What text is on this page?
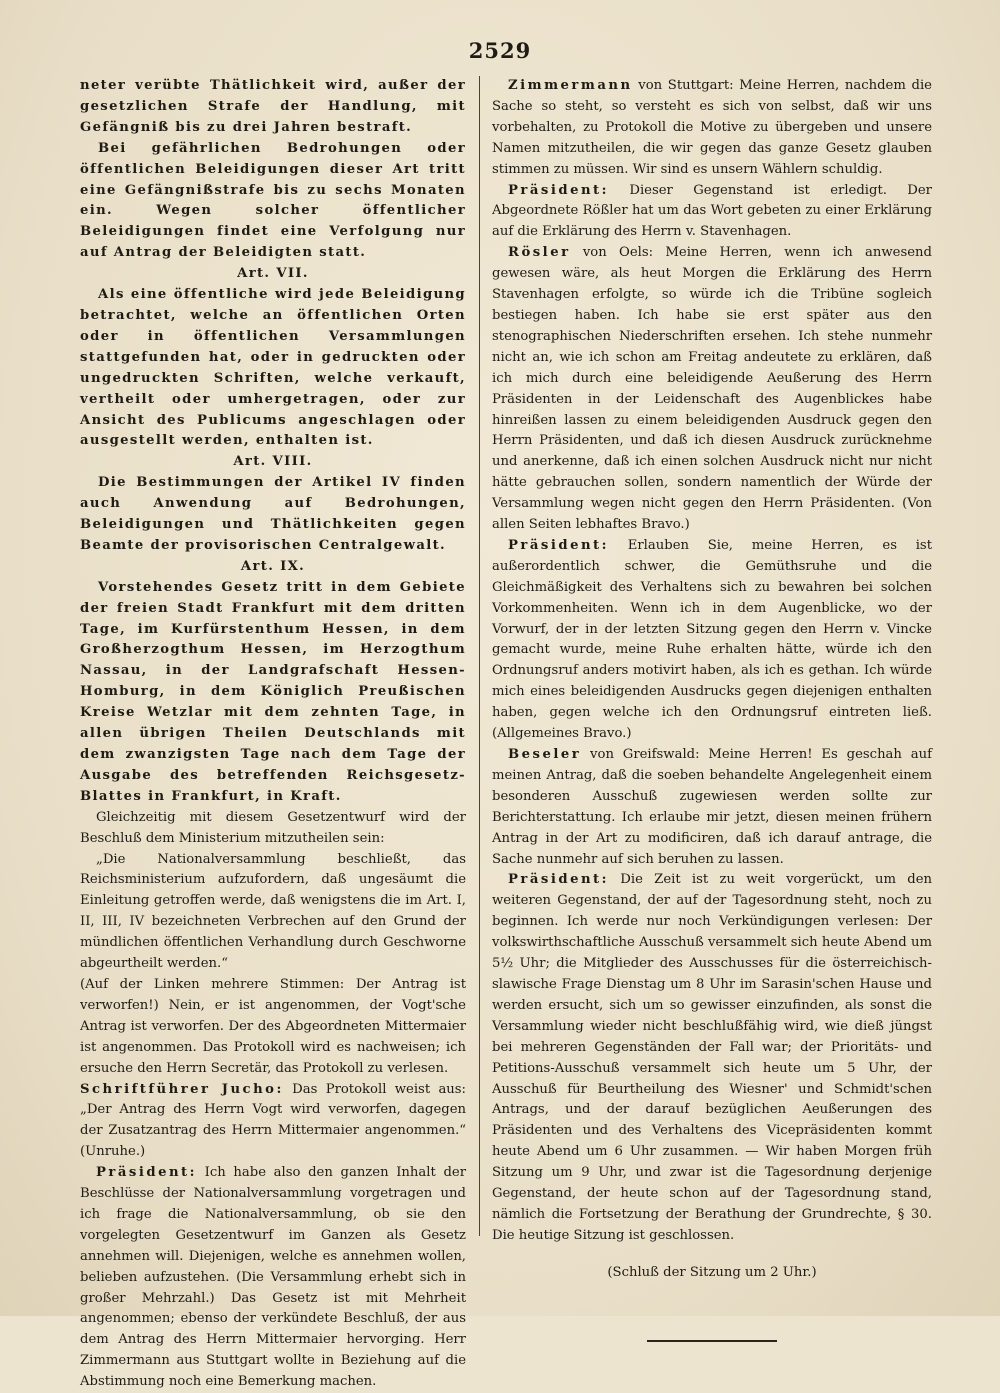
2529

neter verübte Thätlichkeit wird, außer der gesetzlichen Strafe der Handlung, mit Gefängniß bis zu drei Jahren bestraft.

Bei gefährlichen Bedrohungen oder öffentlichen Beleidigungen dieser Art tritt eine Gefängnißstrafe bis zu sechs Monaten ein. Wegen solcher öffentlicher Beleidigungen findet eine Verfolgung nur auf Antrag der Beleidigten statt.

Art. VII.

Als eine öffentliche wird jede Beleidigung betrachtet, welche an öffentlichen Orten oder in öffentlichen Versammlungen stattgefunden hat, oder in gedruckten oder ungedruckten Schriften, welche verkauft, vertheilt oder umhergetragen, oder zur Ansicht des Publicums angeschlagen oder ausgestellt werden, enthalten ist.

Art. VIII.

Die Bestimmungen der Artikel IV finden auch Anwendung auf Bedrohungen, Beleidigungen und Thätlichkeiten gegen Beamte der provisorischen Centralgewalt.

Art. IX.

Vorstehendes Gesetz tritt in dem Gebiete der freien Stadt Frankfurt mit dem dritten Tage, im Kurfürstenthum Hessen, in dem Großherzogthum Hessen, im Herzogthum Nassau, in der Landgrafschaft Hessen-Homburg, in dem Königlich Preußischen Kreise Wetzlar mit dem zehnten Tage, in allen übrigen Theilen Deutschlands mit dem zwanzigsten Tage nach dem Tage der Ausgabe des betreffenden Reichsgesetz-Blattes in Frankfurt, in Kraft.

Gleichzeitig mit diesem Gesetzentwurf wird der Beschluß dem Ministerium mitzutheilen sein:

„Die Nationalversammlung beschließt, das Reichsministerium aufzufordern, daß ungesäumt die Einleitung getroffen werde, daß wenigstens die im Art. I, II, III, IV bezeichneten Verbrechen auf den Grund der mündlichen öffentlichen Verhandlung durch Geschworne abgeurtheilt werden.“

(Auf der Linken mehrere Stimmen: Der Antrag ist verworfen!) Nein, er ist angenommen, der Vogt'sche Antrag ist verworfen. Der des Abgeordneten Mittermaier ist angenommen. Das Protokoll wird es nachweisen; ich ersuche den Herrn Secretär, das Protokoll zu verlesen.

Schriftführer Jucho: Das Protokoll weist aus: „Der Antrag des Herrn Vogt wird verworfen, dagegen der Zusatzantrag des Herrn Mittermaier angenommen.“ (Unruhe.)

Präsident: Ich habe also den ganzen Inhalt der Beschlüsse der Nationalversammlung vorgetragen und ich frage die Nationalversammlung, ob sie den vorgelegten Gesetzentwurf im Ganzen als Gesetz annehmen will. Diejenigen, welche es annehmen wollen, belieben aufzustehen. (Die Versammlung erhebt sich in großer Mehrzahl.) Das Gesetz ist mit Mehrheit angenommen; ebenso der verkündete Beschluß, der aus dem Antrag des Herrn Mittermaier hervorging. Herr Zimmermann aus Stuttgart wollte in Beziehung auf die Abstimmung noch eine Bemerkung machen.

Zimmermann von Stuttgart: Meine Herren, nachdem die Sache so steht, so versteht es sich von selbst, daß wir uns vorbehalten, zu Protokoll die Motive zu übergeben und unsere Namen mitzutheilen, die wir gegen das ganze Gesetz glauben stimmen zu müssen. Wir sind es unsern Wählern schuldig.

Präsident: Dieser Gegenstand ist erledigt. Der Abgeordnete Rößler hat um das Wort gebeten zu einer Erklärung auf die Erklärung des Herrn v. Stavenhagen.

Rösler von Oels: Meine Herren, wenn ich anwesend gewesen wäre, als heut Morgen die Erklärung des Herrn Stavenhagen erfolgte, so würde ich die Tribüne sogleich bestiegen haben. Ich habe sie erst später aus den stenographischen Niederschriften ersehen. Ich stehe nunmehr nicht an, wie ich schon am Freitag andeutete zu erklären, daß ich mich durch eine beleidigende Aeußerung des Herrn Präsidenten in der Leidenschaft des Augenblickes habe hinreißen lassen zu einem beleidigenden Ausdruck gegen den Herrn Präsidenten, und daß ich diesen Ausdruck zurücknehme und anerkenne, daß ich einen solchen Ausdruck nicht nur nicht hätte gebrauchen sollen, sondern namentlich der Würde der Versammlung wegen nicht gegen den Herrn Präsidenten. (Von allen Seiten lebhaftes Bravo.)

Präsident: Erlauben Sie, meine Herren, es ist außerordentlich schwer, die Gemüthsruhe und die Gleichmäßigkeit des Verhaltens sich zu bewahren bei solchen Vorkommenheiten. Wenn ich in dem Augenblicke, wo der Vorwurf, der in der letzten Sitzung gegen den Herrn v. Vincke gemacht wurde, meine Ruhe erhalten hätte, würde ich den Ordnungsruf anders motivirt haben, als ich es gethan. Ich würde mich eines beleidigenden Ausdrucks gegen diejenigen enthalten haben, gegen welche ich den Ordnungsruf eintreten ließ. (Allgemeines Bravo.)

Beseler von Greifswald: Meine Herren! Es geschah auf meinen Antrag, daß die soeben behandelte Angelegenheit einem besonderen Ausschuß zugewiesen werden sollte zur Berichterstattung. Ich erlaube mir jetzt, diesen meinen frühern Antrag in der Art zu modificiren, daß ich darauf antrage, die Sache nunmehr auf sich beruhen zu lassen.

Präsident: Die Zeit ist zu weit vorgerückt, um den weiteren Gegenstand, der auf der Tagesordnung steht, noch zu beginnen. Ich werde nur noch Verkündigungen verlesen: Der volkswirthschaftliche Ausschuß versammelt sich heute Abend um 5½ Uhr; die Mitglieder des Ausschusses für die österreichisch-slawische Frage Dienstag um 8 Uhr im Sarasin'schen Hause und werden ersucht, sich um so gewisser einzufinden, als sonst die Versammlung wieder nicht beschlußfähig wird, wie dieß jüngst bei mehreren Gegenständen der Fall war; der Prioritäts- und Petitions-Ausschuß versammelt sich heute um 5 Uhr, der Ausschuß für Beurtheilung des Wiesner' und Schmidt'schen Antrags, und der darauf bezüglichen Aeußerungen des Präsidenten und des Verhaltens des Vicepräsidenten kommt heute Abend um 6 Uhr zusammen. — Wir haben Morgen früh Sitzung um 9 Uhr, und zwar ist die Tagesordnung derjenige Gegenstand, der heute schon auf der Tagesordnung stand, nämlich die Fortsetzung der Berathung der Grundrechte, § 30. Die heutige Sitzung ist geschlossen.

(Schluß der Sitzung um 2 Uhr.)
